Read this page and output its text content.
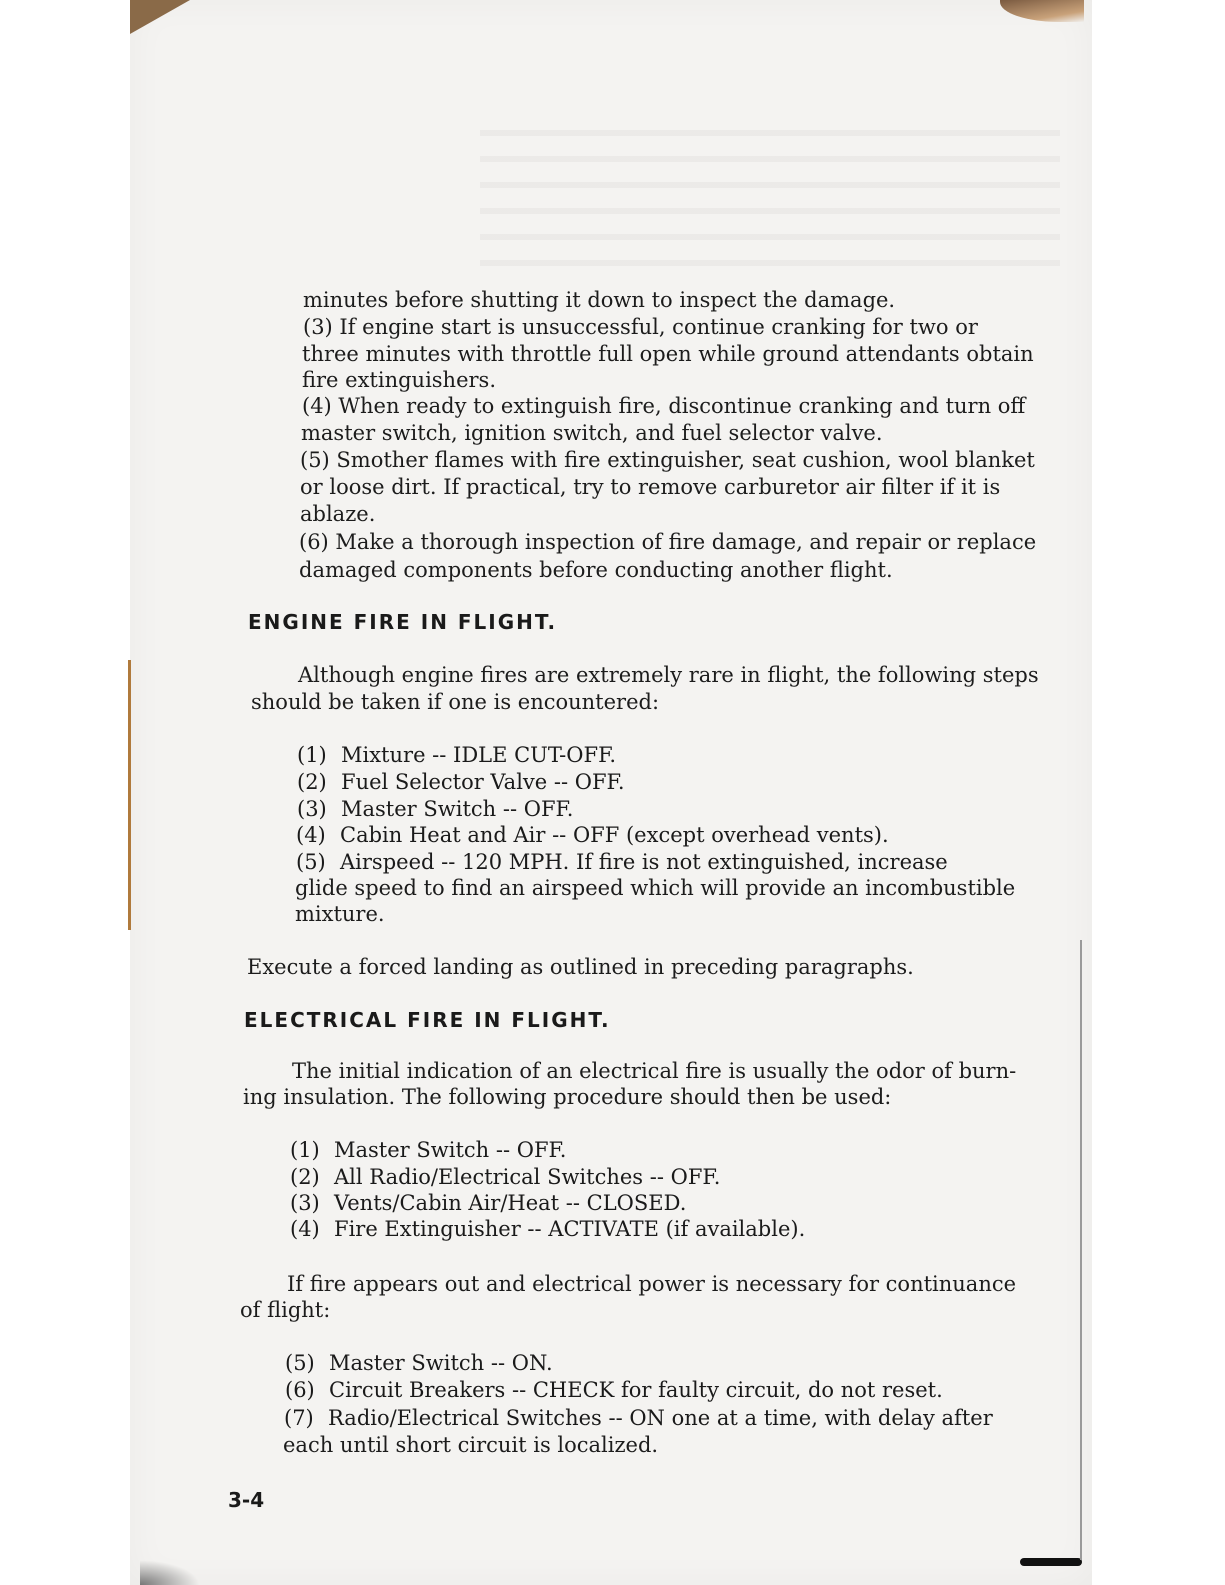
minutes before shutting it down to inspect the damage.
(3) If engine start is unsuccessful, continue cranking for two or
three minutes with throttle full open while ground attendants obtain
fire extinguishers.
(4) When ready to extinguish fire, discontinue cranking and turn off
master switch, ignition switch, and fuel selector valve.
(5) Smother flames with fire extinguisher, seat cushion, wool blanket
or loose dirt. If practical, try to remove carburetor air filter if it is
ablaze.
(6) Make a thorough inspection of fire damage, and repair or replace
damaged components before conducting another flight.
ENGINE FIRE IN FLIGHT.
Although engine fires are extremely rare in flight, the following steps
should be taken if one is encountered:
(1) Mixture -- IDLE CUT-OFF.
(2) Fuel Selector Valve -- OFF.
(3) Master Switch -- OFF.
(4) Cabin Heat and Air -- OFF (except overhead vents).
(5) Airspeed -- 120 MPH. If fire is not extinguished, increase
glide speed to find an airspeed which will provide an incombustible
mixture.
Execute a forced landing as outlined in preceding paragraphs.
ELECTRICAL FIRE IN FLIGHT.
The initial indication of an electrical fire is usually the odor of burn-
ing insulation. The following procedure should then be used:
(1) Master Switch -- OFF.
(2) All Radio/Electrical Switches -- OFF.
(3) Vents/Cabin Air/Heat -- CLOSED.
(4) Fire Extinguisher -- ACTIVATE (if available).
If fire appears out and electrical power is necessary for continuance
of flight:
(5) Master Switch -- ON.
(6) Circuit Breakers -- CHECK for faulty circuit, do not reset.
(7) Radio/Electrical Switches -- ON one at a time, with delay after
each until short circuit is localized.
3-4
